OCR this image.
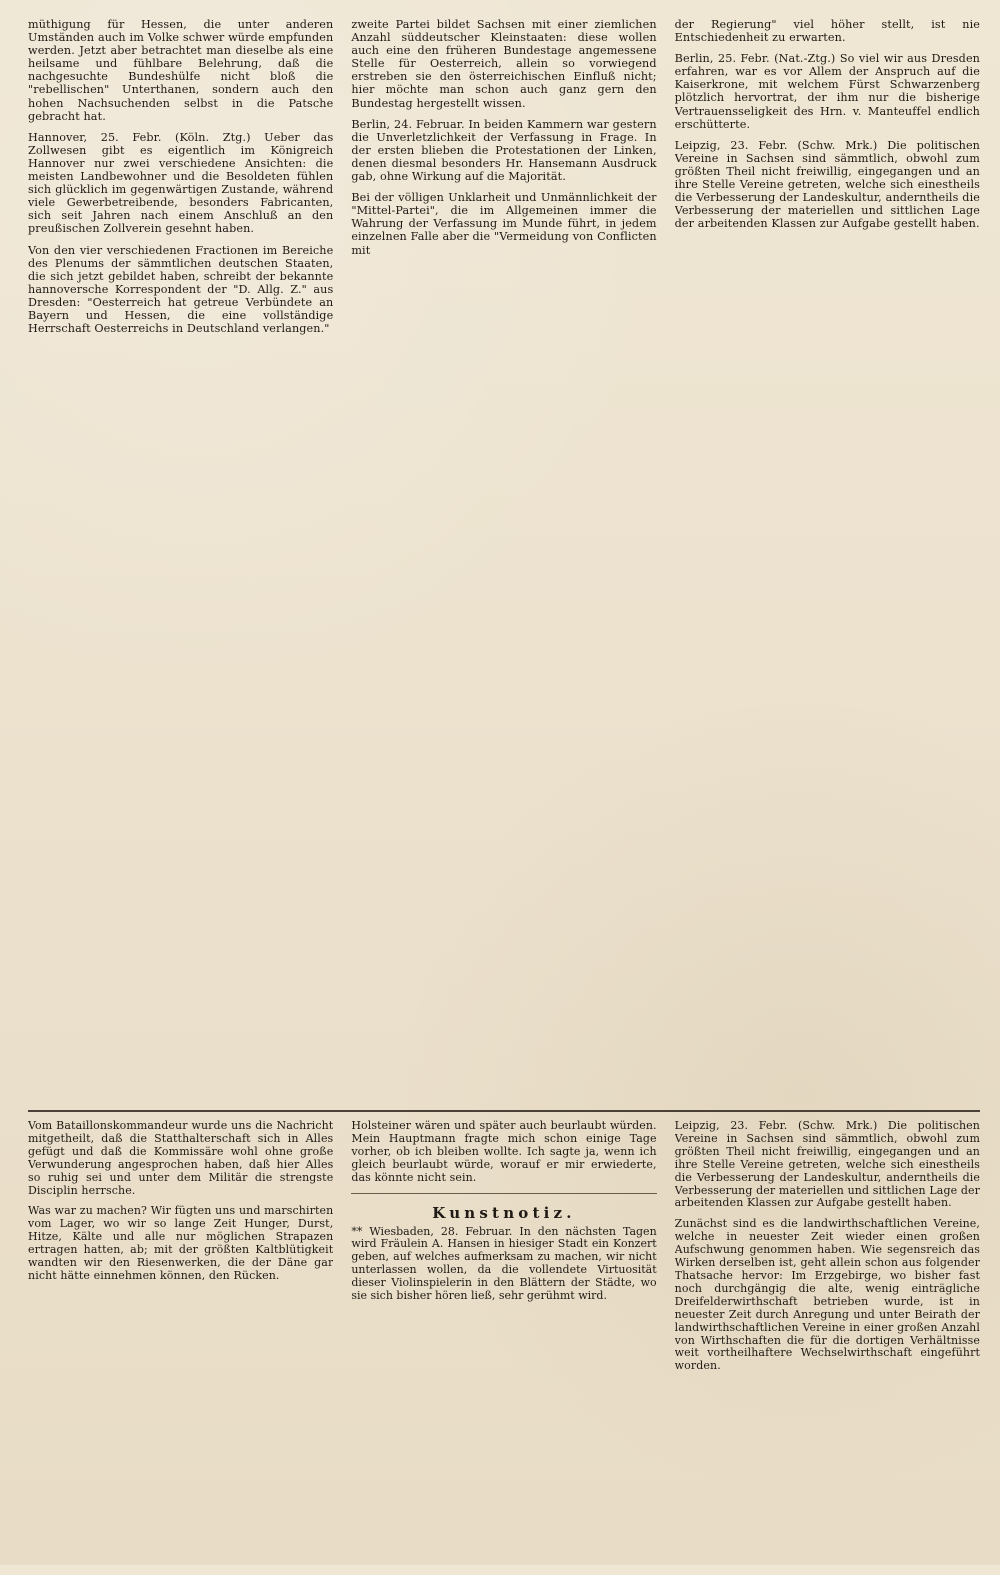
müthigung für Hessen, die unter anderen Umständen auch im Volke schwer würde empfunden werden. Jetzt aber betrachtet man dieselbe als eine heilsame und fühlbare Belehrung, daß die nachgesuchte Bundeshülfe nicht bloß die "rebellischen" Unterthanen, sondern auch den hohen Nachsuchenden selbst in die Patsche gebracht hat.

Hannover, 25. Febr. (Köln. Ztg.) Ueber das Zollwesen gibt es eigentlich im Königreich Hannover nur zwei verschiedene Ansichten: die meisten Landbewohner und die Besoldeten fühlen sich glücklich im gegenwärtigen Zustande, während viele Gewerbetreibende, besonders Fabricanten, sich seit Jahren nach einem Anschluß an den preußischen Zollverein gesehnt haben.

Von den vier verschiedenen Fractionen im Bereiche des Plenums der sämmtlichen deutschen Staaten, die sich jetzt gebildet haben, schreibt der bekannte hannoversche Korrespondent der "D. Allg. Z." aus Dresden: "Oesterreich hat getreue Verbündete an Bayern und Hessen, die eine vollständige Herrschaft Oesterreichs in Deutschland verlangen."

zweite Partei bildet Sachsen mit einer ziemlichen Anzahl süddeutscher Kleinstaaten: diese wollen auch eine den früheren Bundestage angemessene Stelle für Oesterreich, allein so vorwiegend erstreben sie den österreichischen Einfluß nicht; hier möchte man schon auch ganz gern den Bundestag hergestellt wissen.

Berlin, 24. Februar. In beiden Kammern war gestern die Unverletzlichkeit der Verfassung in Frage. In der ersten blieben die Protestationen der Linken, denen diesmal besonders Hr. Hansemann Ausdruck gab, ohne Wirkung auf die Majorität.

Bei der völligen Unklarheit und Unmännlichkeit der "Mittel-Partei", die im Allgemeinen immer die Wahrung der Verfassung im Munde führt, in jedem einzelnen Falle aber die "Vermeidung von Conflicten mit

der Regierung" viel höher stellt, ist nie Entschiedenheit zu erwarten.

Berlin, 25. Febr. (Nat.-Ztg.) So viel wir aus Dresden erfahren, war es vor Allem der Anspruch auf die Kaiserkrone, mit welchem Fürst Schwarzenberg plötzlich hervortrat, der ihm nur die bisherige Vertrauensseligkeit des Hrn. v. Manteuffel endlich erschütterte.

Leipzig, 23. Febr. (Schw. Mrk.) Die politischen Vereine in Sachsen sind sämmtlich, obwohl zum größten Theil nicht freiwillig, eingegangen und an ihre Stelle Vereine getreten, welche sich einestheils die Verbesserung der Landeskultur, anderntheils die Verbesserung der materiellen und sittlichen Lage der arbeitenden Klassen zur Aufgabe gestellt haben.

Vom Bataillonskommandeur wurde uns die Nachricht mitgetheilt, daß die Statthalterschaft sich in Alles gefügt und daß die Kommissäre wohl ohne große Verwunderung angesprochen haben, daß hier Alles so ruhig sei und unter dem Militär die strengste Disciplin herrsche.

Was war zu machen? Wir fügten uns und marschirten vom Lager, wo wir so lange Zeit Hunger, Durst, Hitze, Kälte und alle nur möglichen Strapazen ertragen hatten, ab; mit der größten Kaltblütigkeit wandten wir den Riesenwerken, die der Däne gar nicht hätte einnehmen können, den Rücken.

Holsteiner wären und später auch beurlaubt würden. Mein Hauptmann fragte mich schon einige Tage vorher, ob ich bleiben wollte. Ich sagte ja, wenn ich gleich beurlaubt würde, worauf er mir erwiederte, das könnte nicht sein.

Kunstnotiz.

** Wiesbaden, 28. Februar. In den nächsten Tagen wird Fräulein A. Hansen in hiesiger Stadt ein Konzert geben, auf welches aufmerksam zu machen, wir nicht unterlassen wollen, da die vollendete Virtuosität dieser Violinspielerin in den Blättern der Städte, wo sie sich bisher hören ließ, sehr gerühmt wird.

Leipzig, 23. Febr. (Schw. Mrk.) Die politischen Vereine in Sachsen sind sämmtlich, obwohl zum größten Theil nicht freiwillig, eingegangen und an ihre Stelle Vereine getreten, welche sich einestheils die Verbesserung der Landeskultur, anderntheils die Verbesserung der materiellen und sittlichen Lage der arbeitenden Klassen zur Aufgabe gestellt haben.

Zunächst sind es die landwirthschaftlichen Vereine, welche in neuester Zeit wieder einen großen Aufschwung genommen haben. Wie segensreich das Wirken derselben ist, geht allein schon aus folgender Thatsache hervor: Im Erzgebirge, wo bisher fast noch durchgängig die alte, wenig einträgliche Dreifelderwirthschaft betrieben wurde, ist in neuester Zeit durch Anregung und unter Beirath der landwirthschaftlichen Vereine in einer großen Anzahl von Wirthschaften die für die dortigen Verhältnisse weit vortheilhaftere Wechselwirthschaft eingeführt worden.
